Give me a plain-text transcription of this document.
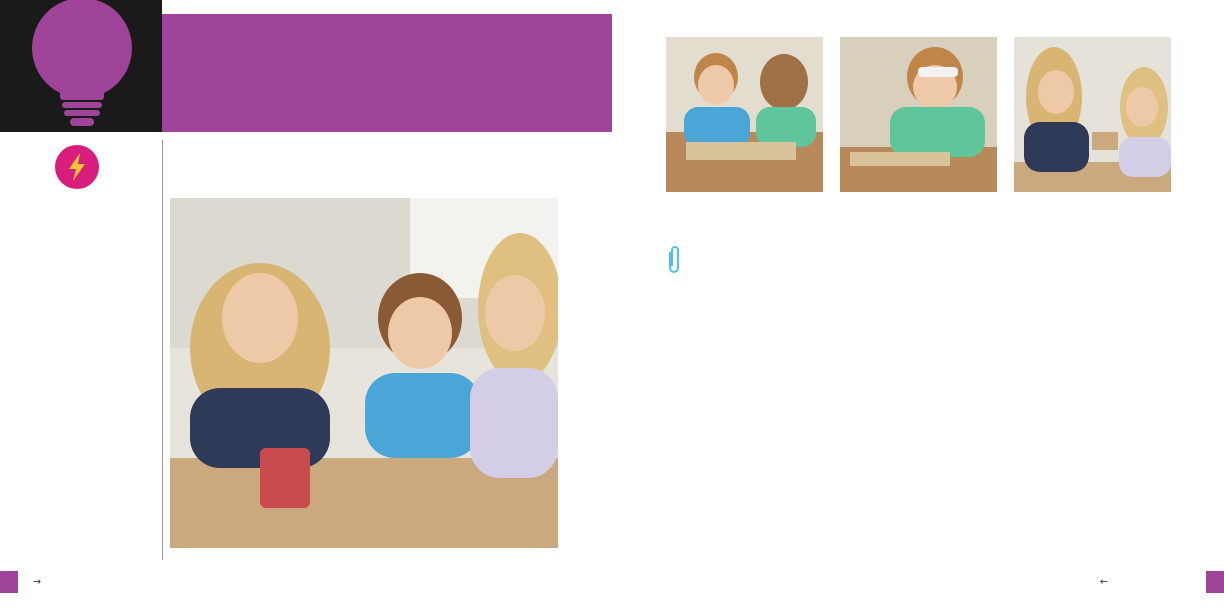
→	←
